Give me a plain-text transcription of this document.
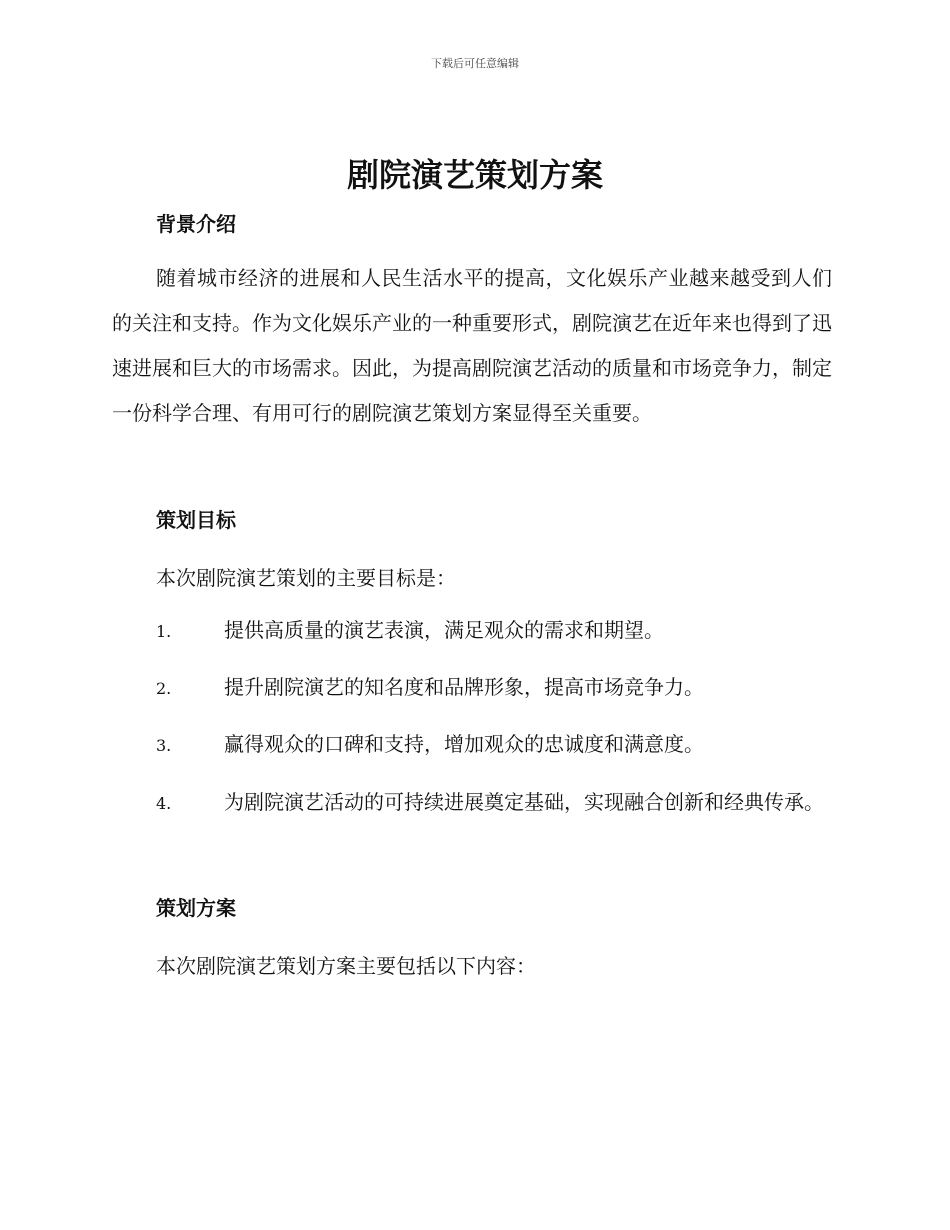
下载后可任意编辑
剧院演艺策划方案
背景介绍
随着城市经济的进展和人民生活水平的提高，文化娱乐产业越来越受到人们的关注和支持。作为文化娱乐产业的一种重要形式，剧院演艺在近年来也得到了迅速进展和巨大的市场需求。因此，为提高剧院演艺活动的质量和市场竞争力，制定一份科学合理、有用可行的剧院演艺策划方案显得至关重要。
策划目标
本次剧院演艺策划的主要目标是：
1.	提供高质量的演艺表演，满足观众的需求和期望。
2.	提升剧院演艺的知名度和品牌形象，提高市场竞争力。
3.	赢得观众的口碑和支持，增加观众的忠诚度和满意度。
4.	为剧院演艺活动的可持续进展奠定基础，实现融合创新和经典传承。
策划方案
本次剧院演艺策划方案主要包括以下内容：
